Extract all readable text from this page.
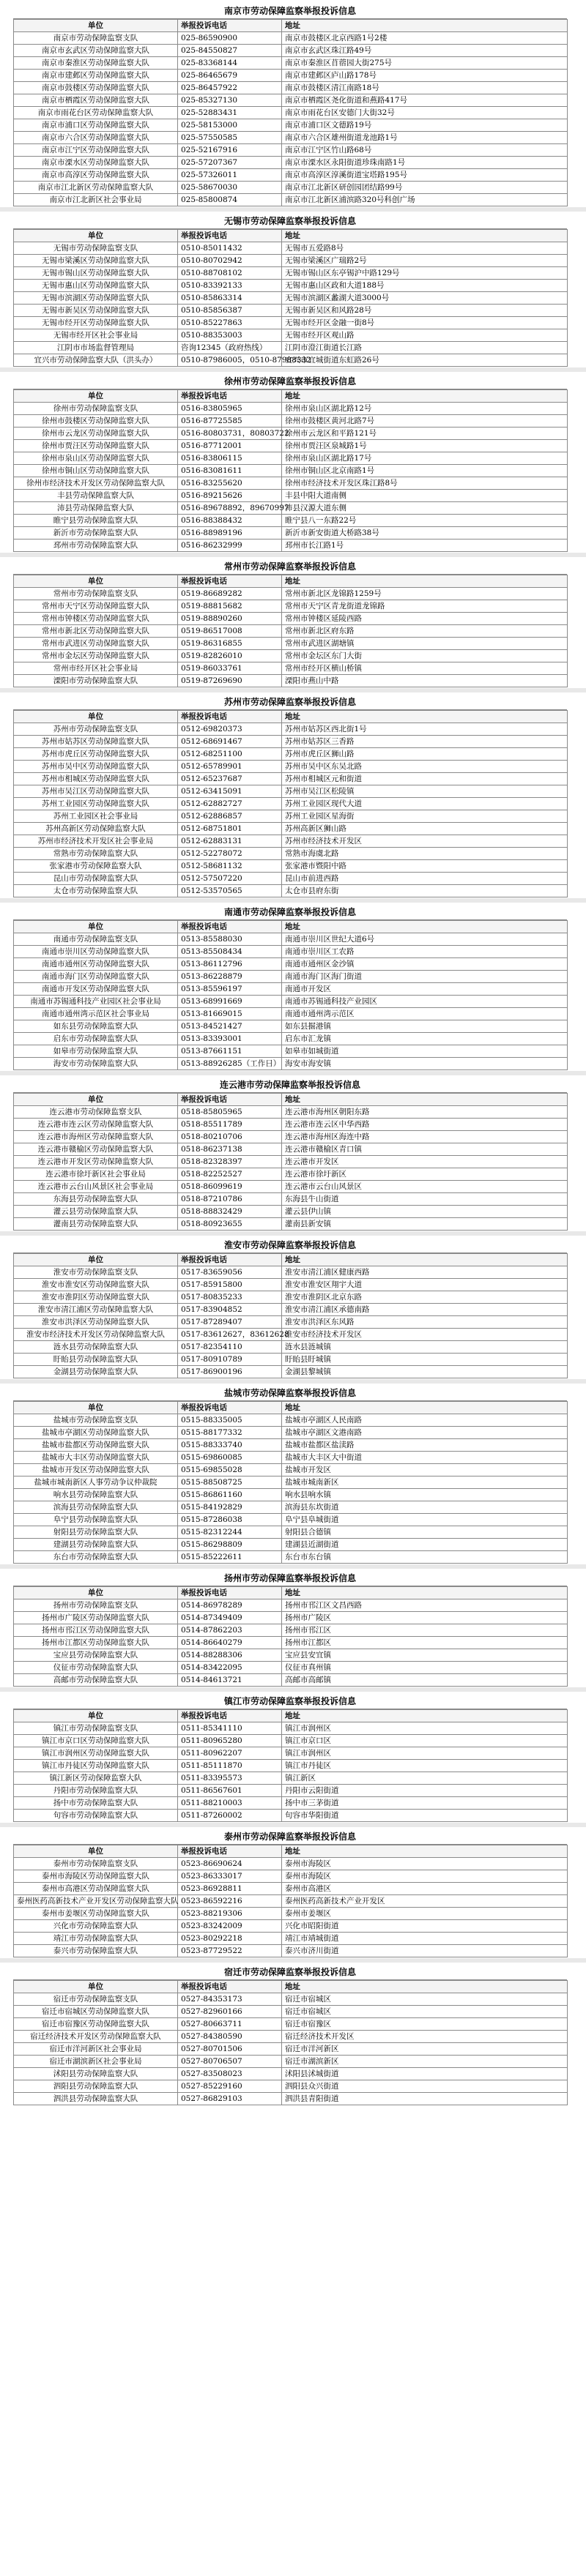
南京市劳动保障监察举报投诉信息
单位	举报投诉电话	地址
南京市劳动保障监察支队	025-86590900	南京市鼓楼区北京西路1号2楼
南京市玄武区劳动保障监察大队	025-84550827	南京市玄武区珠江路49号
南京市秦淮区劳动保障监察大队	025-83368144	南京市秦淮区苜蓿园大街275号
南京市建邺区劳动保障监察大队	025-86465679	南京市建邺区庐山路178号
南京市鼓楼区劳动保障监察大队	025-86457922	南京市鼓楼区清江南路18号
南京市栖霞区劳动保障监察大队	025-85327130	南京市栖霞区尧化街道和燕路417号
南京市雨花台区劳动保障监察大队	025-52883431	南京市雨花台区安德门大街32号
南京市浦口区劳动保障监察大队	025-58153000	南京市浦口区文德路19号
南京市六合区劳动保障监察大队	025-57550585	南京市六合区雄州街道龙池路1号
南京市江宁区劳动保障监察大队	025-52167916	南京市江宁区竹山路68号
南京市溧水区劳动保障监察大队	025-57207367	南京市溧水区永阳街道珍珠南路1号
南京市高淳区劳动保障监察大队	025-57326011	南京市高淳区淳溪街道宝塔路195号
南京市江北新区劳动保障监察大队	025-58670030	南京市江北新区研创园团结路99号
南京市江北新区社会事业局	025-85800874	南京市江北新区浦滨路320号科创广场
无锡市劳动保障监察举报投诉信息
单位	举报投诉电话	地址
无锡市劳动保障监察支队	0510-85011432	无锡市五爱路8号
无锡市梁溪区劳动保障监察大队	0510-80702942	无锡市梁溪区广瑞路2号
无锡市锡山区劳动保障监察大队	0510-88708102	无锡市锡山区东亭锡沪中路129号
无锡市惠山区劳动保障监察大队	0510-83392133	无锡市惠山区政和大道188号
无锡市滨湖区劳动保障监察大队	0510-85863314	无锡市滨湖区蠡湖大道3000号
无锡市新吴区劳动保障监察大队	0510-85856387	无锡市新吴区和风路28号
无锡市经开区劳动保障监察大队	0510-85227863	无锡市经开区金融一街8号
无锡市经开区社会事业局	0510-88353003	无锡市经开区观山路
江阴市市场监督管理局	咨询12345（政府热线）	江阴市澄江街道长江路
宜兴市劳动保障监察大队（洪头办）	0510-87986005，0510-87988332	宜兴市宜城街道东虹路26号
徐州市劳动保障监察举报投诉信息
单位	举报投诉电话	地址
徐州市劳动保障监察支队	0516-83805965	徐州市泉山区湖北路12号
徐州市鼓楼区劳动保障监察大队	0516-87725585	徐州市鼓楼区黄河北路7号
徐州市云龙区劳动保障监察大队	0516-80803731，80803722	徐州市云龙区和平路121号
徐州市贾汪区劳动保障监察大队	0516-87712001	徐州市贾汪区泉城路1号
徐州市泉山区劳动保障监察大队	0516-83806115	徐州市泉山区湖北路17号
徐州市铜山区劳动保障监察大队	0516-83081611	徐州市铜山区北京南路1号
徐州市经济技术开发区劳动保障监察大队	0516-83255620	徐州市经济技术开发区珠江路8号
丰县劳动保障监察大队	0516-89215626	丰县中阳大道南侧
沛县劳动保障监察大队	0516-89678892，89670997	沛县汉源大道东侧
睢宁县劳动保障监察大队	0516-88388432	睢宁县八一东路22号
新沂市劳动保障监察大队	0516-88989196	新沂市新安街道大桥路38号
邳州市劳动保障监察大队	0516-86232999	邳州市长江路1号
常州市劳动保障监察举报投诉信息
单位	举报投诉电话	地址
常州市劳动保障监察支队	0519-86689282	常州市新北区龙锦路1259号
常州市天宁区劳动保障监察大队	0519-88815682	常州市天宁区青龙街道龙锦路
常州市钟楼区劳动保障监察大队	0519-88890260	常州市钟楼区延陵西路
常州市新北区劳动保障监察大队	0519-86517008	常州市新北区府东路
常州市武进区劳动保障监察大队	0519-86316855	常州市武进区湖塘镇
常州市金坛区劳动保障监察大队	0519-82826010	常州市金坛区东门大街
常州市经开区社会事业局	0519-86033761	常州市经开区横山桥镇
溧阳市劳动保障监察大队	0519-87269690	溧阳市燕山中路
苏州市劳动保障监察举报投诉信息
单位	举报投诉电话	地址
苏州市劳动保障监察支队	0512-69820373	苏州市姑苏区西北街1号
苏州市姑苏区劳动保障监察大队	0512-68691467	苏州市姑苏区三香路
苏州市虎丘区劳动保障监察大队	0512-68251100	苏州市虎丘区狮山路
苏州市吴中区劳动保障监察大队	0512-65789901	苏州市吴中区东吴北路
苏州市相城区劳动保障监察大队	0512-65237687	苏州市相城区元和街道
苏州市吴江区劳动保障监察大队	0512-63415091	苏州市吴江区松陵镇
苏州工业园区劳动保障监察大队	0512-62882727	苏州工业园区现代大道
苏州工业园区社会事业局	0512-62886857	苏州工业园区星海街
苏州高新区劳动保障监察大队	0512-68751801	苏州高新区狮山路
苏州市经济技术开发区社会事业局	0512-62883131	苏州市经济技术开发区
常熟市劳动保障监察大队	0512-52278072	常熟市海虞北路
张家港市劳动保障监察大队	0512-58681132	张家港市暨阳中路
昆山市劳动保障监察大队	0512-57507220	昆山市前进西路
太仓市劳动保障监察大队	0512-53570565	太仓市县府东街
南通市劳动保障监察举报投诉信息
单位	举报投诉电话	地址
南通市劳动保障监察支队	0513-85588030	南通市崇川区世纪大道6号
南通市崇川区劳动保障监察大队	0513-85508434	南通市崇川区工农路
南通市通州区劳动保障监察大队	0513-86112796	南通市通州区金沙镇
南通市海门区劳动保障监察大队	0513-86228879	南通市海门区海门街道
南通市开发区劳动保障监察大队	0513-85596197	南通市开发区
南通市苏锡通科技产业园区社会事业局	0513-68991669	南通市苏锡通科技产业园区
南通市通州湾示范区社会事业局	0513-81669015	南通市通州湾示范区
如东县劳动保障监察大队	0513-84521427	如东县掘港镇
启东市劳动保障监察大队	0513-83393001	启东市汇龙镇
如皋市劳动保障监察大队	0513-87661151	如皋市如城街道
海安市劳动保障监察大队	0513-88926285（工作日）	海安市海安镇
连云港市劳动保障监察举报投诉信息
单位	举报投诉电话	地址
连云港市劳动保障监察支队	0518-85805965	连云港市海州区朝阳东路
连云港市连云区劳动保障监察大队	0518-85511789	连云港市连云区中华西路
连云港市海州区劳动保障监察大队	0518-80210706	连云港市海州区海连中路
连云港市赣榆区劳动保障监察大队	0518-86237138	连云港市赣榆区青口镇
连云港市开发区劳动保障监察大队	0518-82328397	连云港市开发区
连云港市徐圩新区社会事业局	0518-82252527	连云港市徐圩新区
连云港市云台山风景区社会事业局	0518-86099619	连云港市云台山风景区
东海县劳动保障监察大队	0518-87210786	东海县牛山街道
灌云县劳动保障监察大队	0518-88832429	灌云县伊山镇
灌南县劳动保障监察大队	0518-80923655	灌南县新安镇
淮安市劳动保障监察举报投诉信息
单位	举报投诉电话	地址
淮安市劳动保障监察支队	0517-83659056	淮安市清江浦区健康西路
淮安市淮安区劳动保障监察大队	0517-85915800	淮安市淮安区翔宇大道
淮安市淮阴区劳动保障监察大队	0517-80835233	淮安市淮阴区北京东路
淮安市清江浦区劳动保障监察大队	0517-83904852	淮安市清江浦区承德南路
淮安市洪泽区劳动保障监察大队	0517-87289407	淮安市洪泽区东风路
淮安市经济技术开发区劳动保障监察大队	0517-83612627，83612628	淮安市经济技术开发区
涟水县劳动保障监察大队	0517-82354110	涟水县涟城镇
盱眙县劳动保障监察大队	0517-80910789	盱眙县盱城镇
金湖县劳动保障监察大队	0517-86900196	金湖县黎城镇
盐城市劳动保障监察举报投诉信息
单位	举报投诉电话	地址
盐城市劳动保障监察支队	0515-88335005	盐城市亭湖区人民南路
盐城市亭湖区劳动保障监察大队	0515-88177332	盐城市亭湖区文港南路
盐城市盐都区劳动保障监察大队	0515-88333740	盐城市盐都区盐渎路
盐城市大丰区劳动保障监察大队	0515-69860085	盐城市大丰区大中街道
盐城市开发区劳动保障监察大队	0515-69855028	盐城市开发区
盐城市城南新区人事劳动争议仲裁院	0515-88508725	盐城市城南新区
响水县劳动保障监察大队	0515-86861160	响水县响水镇
滨海县劳动保障监察大队	0515-84192829	滨海县东坎街道
阜宁县劳动保障监察大队	0515-87286038	阜宁县阜城街道
射阳县劳动保障监察大队	0515-82312244	射阳县合德镇
建湖县劳动保障监察大队	0515-86298809	建湖县近湖街道
东台市劳动保障监察大队	0515-85222611	东台市东台镇
扬州市劳动保障监察举报投诉信息
单位	举报投诉电话	地址
扬州市劳动保障监察支队	0514-86978289	扬州市邗江区文昌西路
扬州市广陵区劳动保障监察大队	0514-87349409	扬州市广陵区
扬州市邗江区劳动保障监察大队	0514-87862203	扬州市邗江区
扬州市江都区劳动保障监察大队	0514-86640279	扬州市江都区
宝应县劳动保障监察大队	0514-88288306	宝应县安宜镇
仪征市劳动保障监察大队	0514-83422095	仪征市真州镇
高邮市劳动保障监察大队	0514-84613721	高邮市高邮镇
镇江市劳动保障监察举报投诉信息
单位	举报投诉电话	地址
镇江市劳动保障监察支队	0511-85341110	镇江市润州区
镇江市京口区劳动保障监察大队	0511-80965280	镇江市京口区
镇江市润州区劳动保障监察大队	0511-80962207	镇江市润州区
镇江市丹徒区劳动保障监察大队	0511-85111870	镇江市丹徒区
镇江新区劳动保障监察大队	0511-83395573	镇江新区
丹阳市劳动保障监察大队	0511-86567601	丹阳市云阳街道
扬中市劳动保障监察大队	0511-88210003	扬中市三茅街道
句容市劳动保障监察大队	0511-87260002	句容市华阳街道
泰州市劳动保障监察举报投诉信息
单位	举报投诉电话	地址
泰州市劳动保障监察支队	0523-86690624	泰州市海陵区
泰州市海陵区劳动保障监察大队	0523-86333017	泰州市海陵区
泰州市高港区劳动保障监察大队	0523-86928811	泰州市高港区
泰州医药高新技术产业开发区劳动保障监察大队	0523-86592216	泰州医药高新技术产业开发区
泰州市姜堰区劳动保障监察大队	0523-88219306	泰州市姜堰区
兴化市劳动保障监察大队	0523-83242009	兴化市昭阳街道
靖江市劳动保障监察大队	0523-80292218	靖江市靖城街道
泰兴市劳动保障监察大队	0523-87729522	泰兴市济川街道
宿迁市劳动保障监察举报投诉信息
单位	举报投诉电话	地址
宿迁市劳动保障监察支队	0527-84353173	宿迁市宿城区
宿迁市宿城区劳动保障监察大队	0527-82960166	宿迁市宿城区
宿迁市宿豫区劳动保障监察大队	0527-80663711	宿迁市宿豫区
宿迁经济技术开发区劳动保障监察大队	0527-84380590	宿迁经济技术开发区
宿迁市洋河新区社会事业局	0527-80701506	宿迁市洋河新区
宿迁市湖滨新区社会事业局	0527-80706507	宿迁市湖滨新区
沭阳县劳动保障监察大队	0527-83508023	沭阳县沭城街道
泗阳县劳动保障监察大队	0527-85229160	泗阳县众兴街道
泗洪县劳动保障监察大队	0527-86829103	泗洪县青阳街道
